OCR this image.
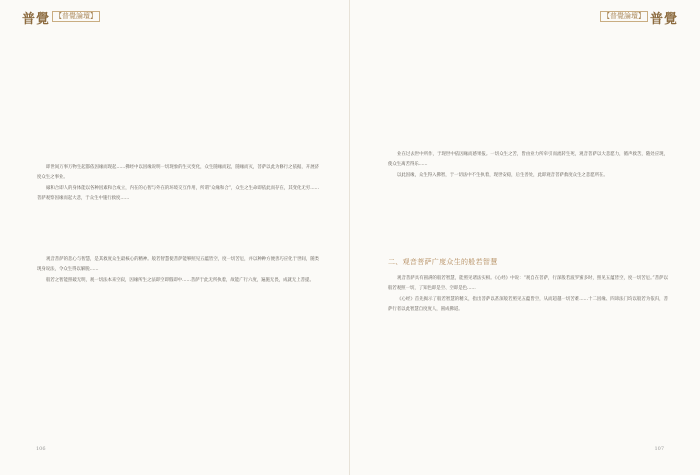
普覺 【普覺論壇】

即世间万事万物生起都依因缘而现起……佛经中以因缘说明一切现象的生灭变化，众生随缘而起，随缘而灭，菩萨以此为修行之依据，开展济度众生之事业。

縁和合即人的身体能以各种因素和合成立，内在的心智与外在的环境交互作用，所谓“众缘和合”，众生之生命即依此而存在，其变化无穷……菩萨观察因缘而起大悲，于众生中施行救度……

观音菩萨的悲心与智慧，是其救度众生最核心的精神。般若智慧使菩萨能够照见五蕴皆空，度一切苦厄，并以种种方便善巧应化于世间，随类现身说法，令众生得以解脱……

般若之智能照破无明，观一切法本来空寂，因缘所生之法即空即假即中……菩萨于此无所执着，故能广行六度，遍施无畏，成就无上菩提。

106
普覺
【普覺論壇】

业在过去世中所作，于现世中依因缘而感果报。一切众生之苦，皆由业力所牵引而流转生死，观音菩萨以大悲愿力，循声救苦，随处应现，使众生离苦得乐……

以此因缘，众生得入佛智，于一切法中不生执着，现世安稳，后生善处，此即观音菩萨救度众生之悲愿所在。

二、观音菩萨广度众生的般若智慧

观音菩萨具有圆满的般若智慧，能照见诸法实相。《心经》中说：“观自在菩萨，行深般若波罗蜜多时，照见五蕴皆空，度一切苦厄。”菩萨以般若观照一切，了知色即是空、空即是色……

《心经》首先揭示了般若智慧的精义，指出菩萨以甚深般若照见五蕴皆空，从而超越一切苦难……十二因缘、四谛法门均以般若为依归，菩萨行者以此智慧自度度人，圆成佛道。

107
